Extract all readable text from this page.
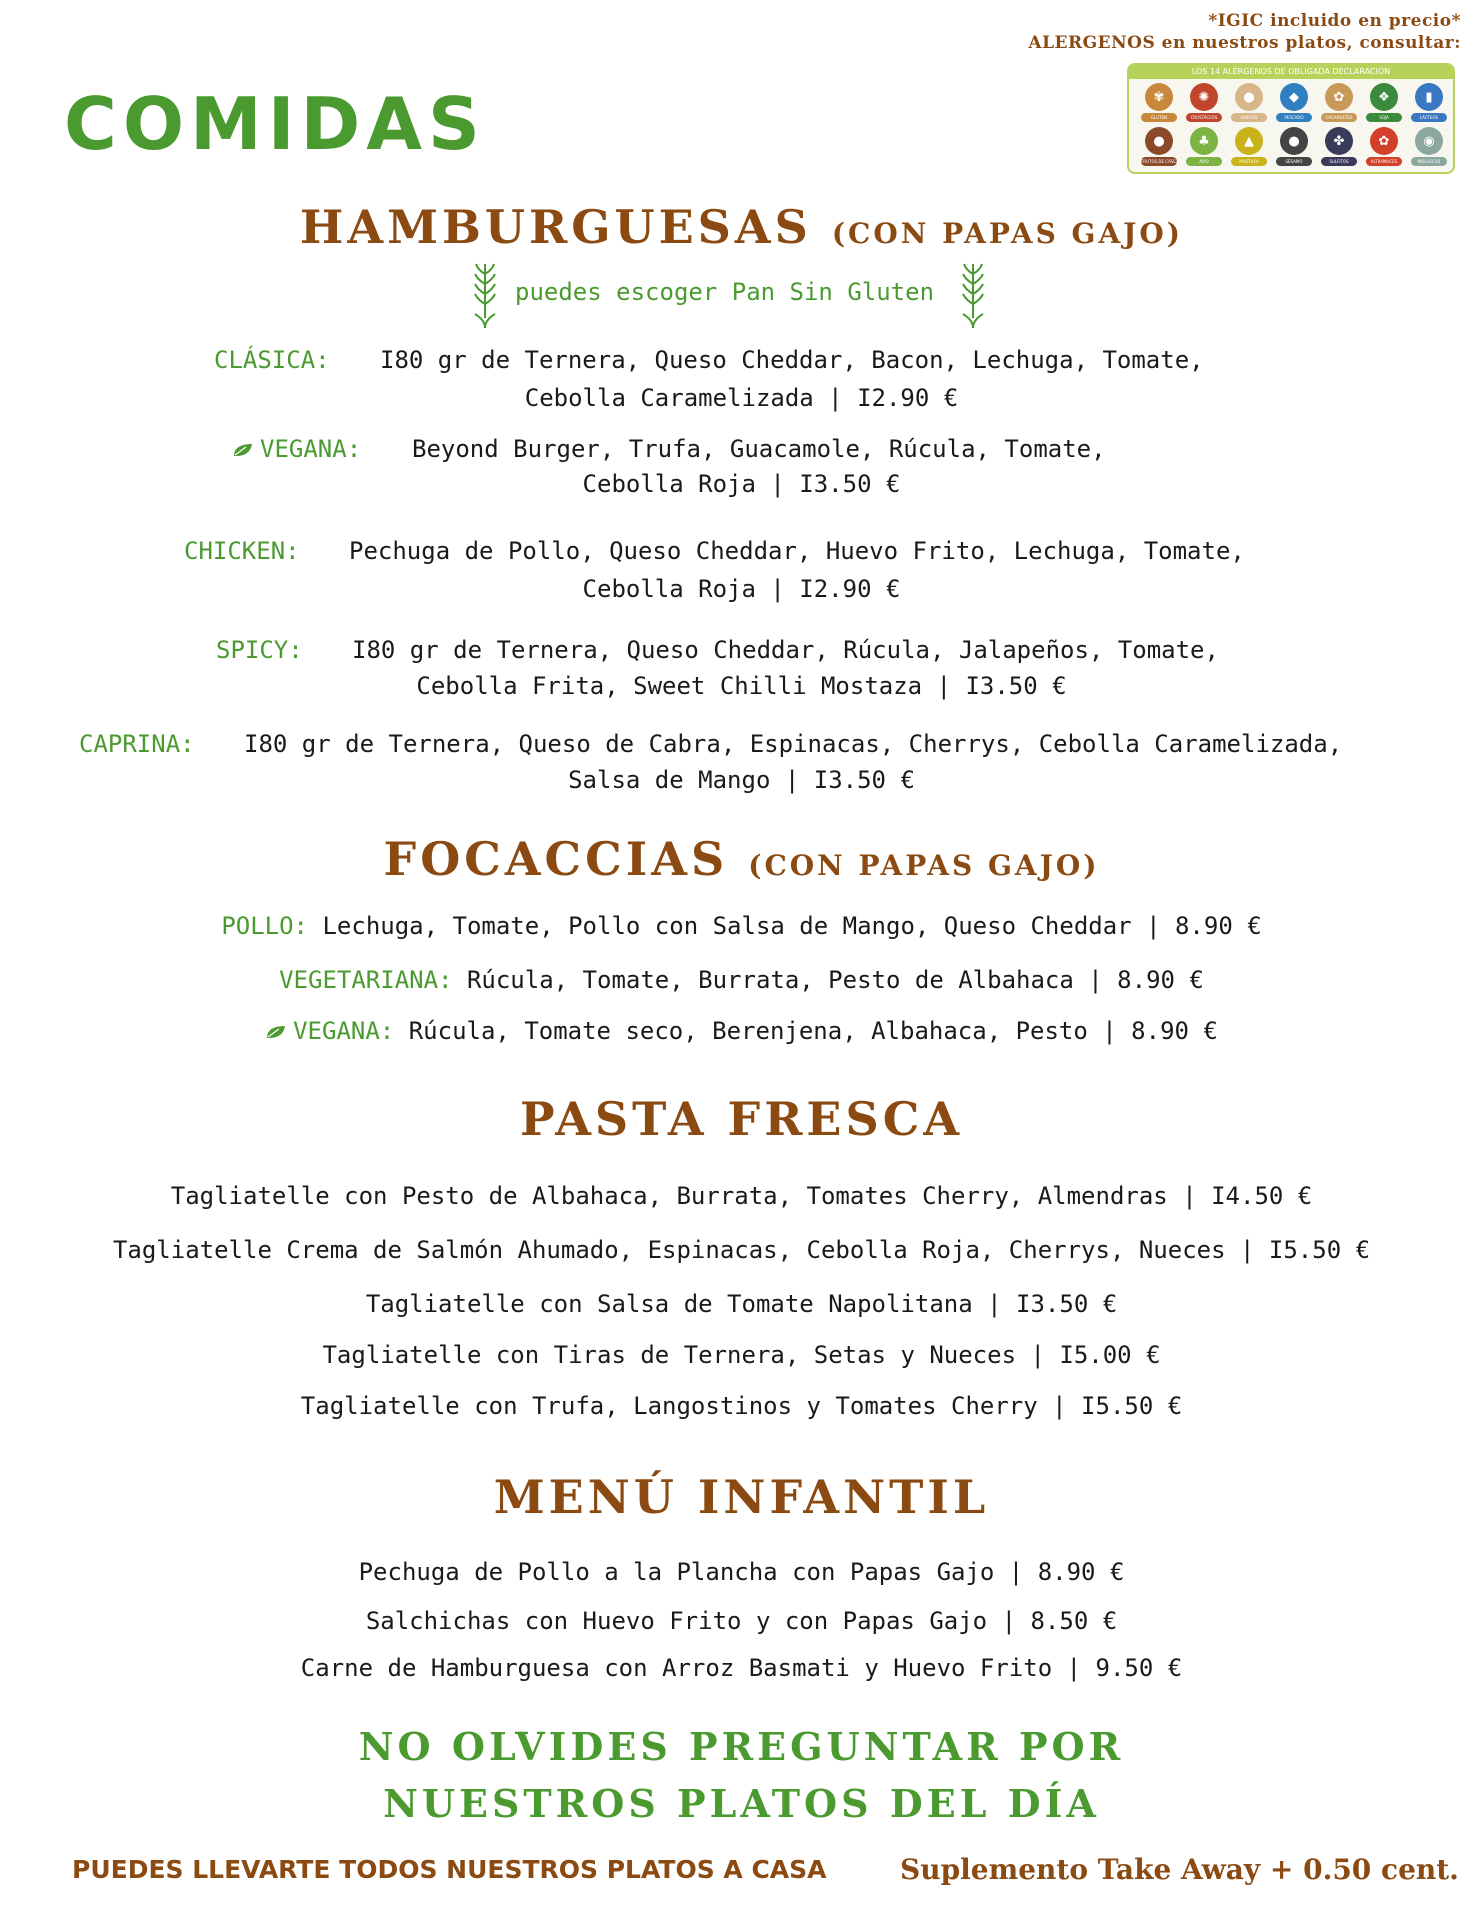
COMIDAS
*IGIC incluido en precio*
ALERGENOS en nuestros platos, consultar:
LOS 14 ALÉRGENOS DE OBLIGADA DECLARACIÓN
✾
GLUTEN
✺
CRUSTÁCEOS
●
HUEVOS
◆
PESCADO
✿
CACAHUETES
❖
SOJA
▮
LÁCTEOS
●
FRUTOS DE CÁSCARA
♣
APIO
▲
MOSTAZA
●
SÉSAMO
✤
SULFITOS
✿
ALTRAMUCES
◉
MOLUSCOS
HAMBURGUESAS (CON PAPAS GAJO)
puedes escoger Pan Sin Gluten
CLÁSICA: I80 gr de Ternera, Queso Cheddar, Bacon, Lechuga, Tomate,
Cebolla Caramelizada | I2.90 €
VEGANA: Beyond Burger, Trufa, Guacamole, Rúcula, Tomate,
Cebolla Roja | I3.50 €
CHICKEN: Pechuga de Pollo, Queso Cheddar, Huevo Frito, Lechuga, Tomate,
Cebolla Roja | I2.90 €
SPICY: I80 gr de Ternera, Queso Cheddar, Rúcula, Jalapeños, Tomate,
Cebolla Frita, Sweet Chilli Mostaza | I3.50 €
CAPRINA: I80 gr de Ternera, Queso de Cabra, Espinacas, Cherrys, Cebolla Caramelizada,
Salsa de Mango | I3.50 €
FOCACCIAS (CON PAPAS GAJO)
POLLO: Lechuga, Tomate, Pollo con Salsa de Mango, Queso Cheddar | 8.90 €
VEGETARIANA: Rúcula, Tomate, Burrata, Pesto de Albahaca | 8.90 €
VEGANA: Rúcula, Tomate seco, Berenjena, Albahaca, Pesto | 8.90 €
PASTA FRESCA
Tagliatelle con Pesto de Albahaca, Burrata, Tomates Cherry, Almendras | I4.50 €
Tagliatelle Crema de Salmón Ahumado, Espinacas, Cebolla Roja, Cherrys, Nueces | I5.50 €
Tagliatelle con Salsa de Tomate Napolitana | I3.50 €
Tagliatelle con Tiras de Ternera, Setas y Nueces | I5.00 €
Tagliatelle con Trufa, Langostinos y Tomates Cherry | I5.50 €
MENÚ INFANTIL
Pechuga de Pollo a la Plancha con Papas Gajo | 8.90 €
Salchichas con Huevo Frito y con Papas Gajo | 8.50 €
Carne de Hamburguesa con Arroz Basmati y Huevo Frito | 9.50 €
NO OLVIDES PREGUNTAR POR
NUESTROS PLATOS DEL DÍA
PUEDES LLEVARTE TODOS NUESTROS PLATOS A CASA	Suplemento Take Away + 0.50 cent.
